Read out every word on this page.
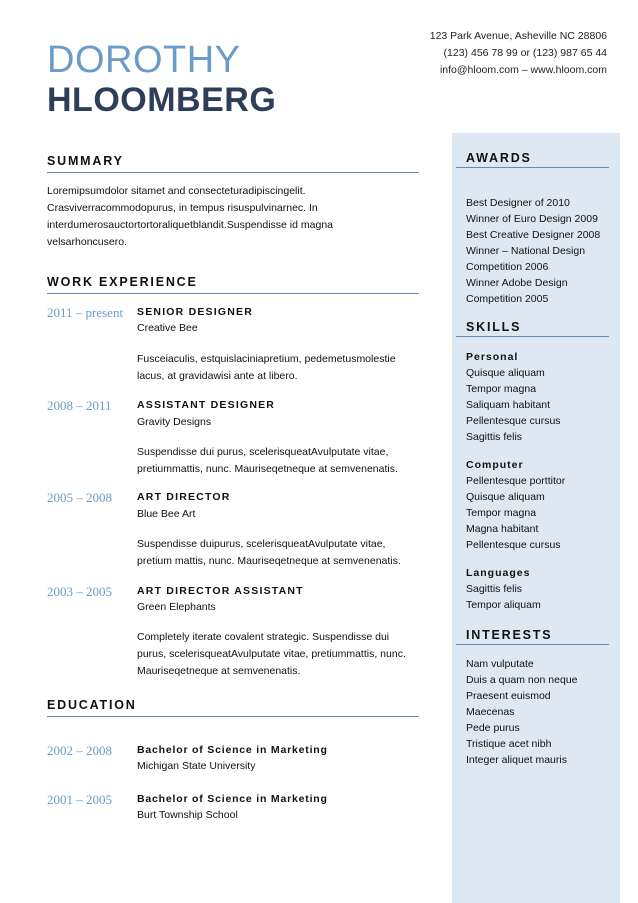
123 Park Avenue, Asheville NC 28806
(123) 456 78 99 or (123) 987 65 44
info@hloom.com – www.hloom.com
DOROTHY
HLOOMBERG
SUMMARY
Loremipsumdolor sitamet and consecteturadipiscingelit.
Crasviverracommodopurus, in tempus risuspulvinarnec. In
interdumerosauctortortoraliquetblandit.Suspendisse id magna
velsarhoncusero.
WORK EXPERIENCE
2011 – present SENIOR DESIGNER
Creative Bee
Fusceiaculis, estquislaciniapretium, pedemetusmolestie
lacus, at gravidawisi ante at libero.
2008 – 2011 ASSISTANT DESIGNER
Gravity Designs
Suspendisse dui purus, scelerisqueatAvulputate vitae,
pretiummattis, nunc. Mauriseqetneque at semvenenatis.
2005 – 2008 ART DIRECTOR
Blue Bee Art
Suspendisse duipurus, scelerisqueatAvulputate vitae,
pretium mattis, nunc. Mauriseqetneque at semvenenatis.
2003 – 2005 ART DIRECTOR ASSISTANT
Green Elephants
Completely iterate covalent strategic. Suspendisse dui
purus, scelerisqueatAvulputate vitae, pretiummattis, nunc.
Mauriseqetneque at semvenenatis.
EDUCATION
2002 – 2008 Bachelor of Science in Marketing
Michigan State University
2001 – 2005 Bachelor of Science in Marketing
Burt Township School
AWARDS
Best Designer of 2010
Winner of Euro Design 2009
Best Creative Designer 2008
Winner – National Design
Competition 2006
Winner Adobe Design
Competition 2005
SKILLS
Personal
Quisque aliquam
Tempor magna
Saliquam habitant
Pellentesque cursus
Sagittis felis
Computer
Pellentesque porttitor
Quisque aliquam
Tempor magna
Magna habitant
Pellentesque cursus
Languages
Sagittis felis
Tempor aliquam
INTERESTS
Nam vulputate
Duis a quam non neque
Praesent euismod
Maecenas
Pede purus
Tristique acet nibh
Integer aliquet mauris
